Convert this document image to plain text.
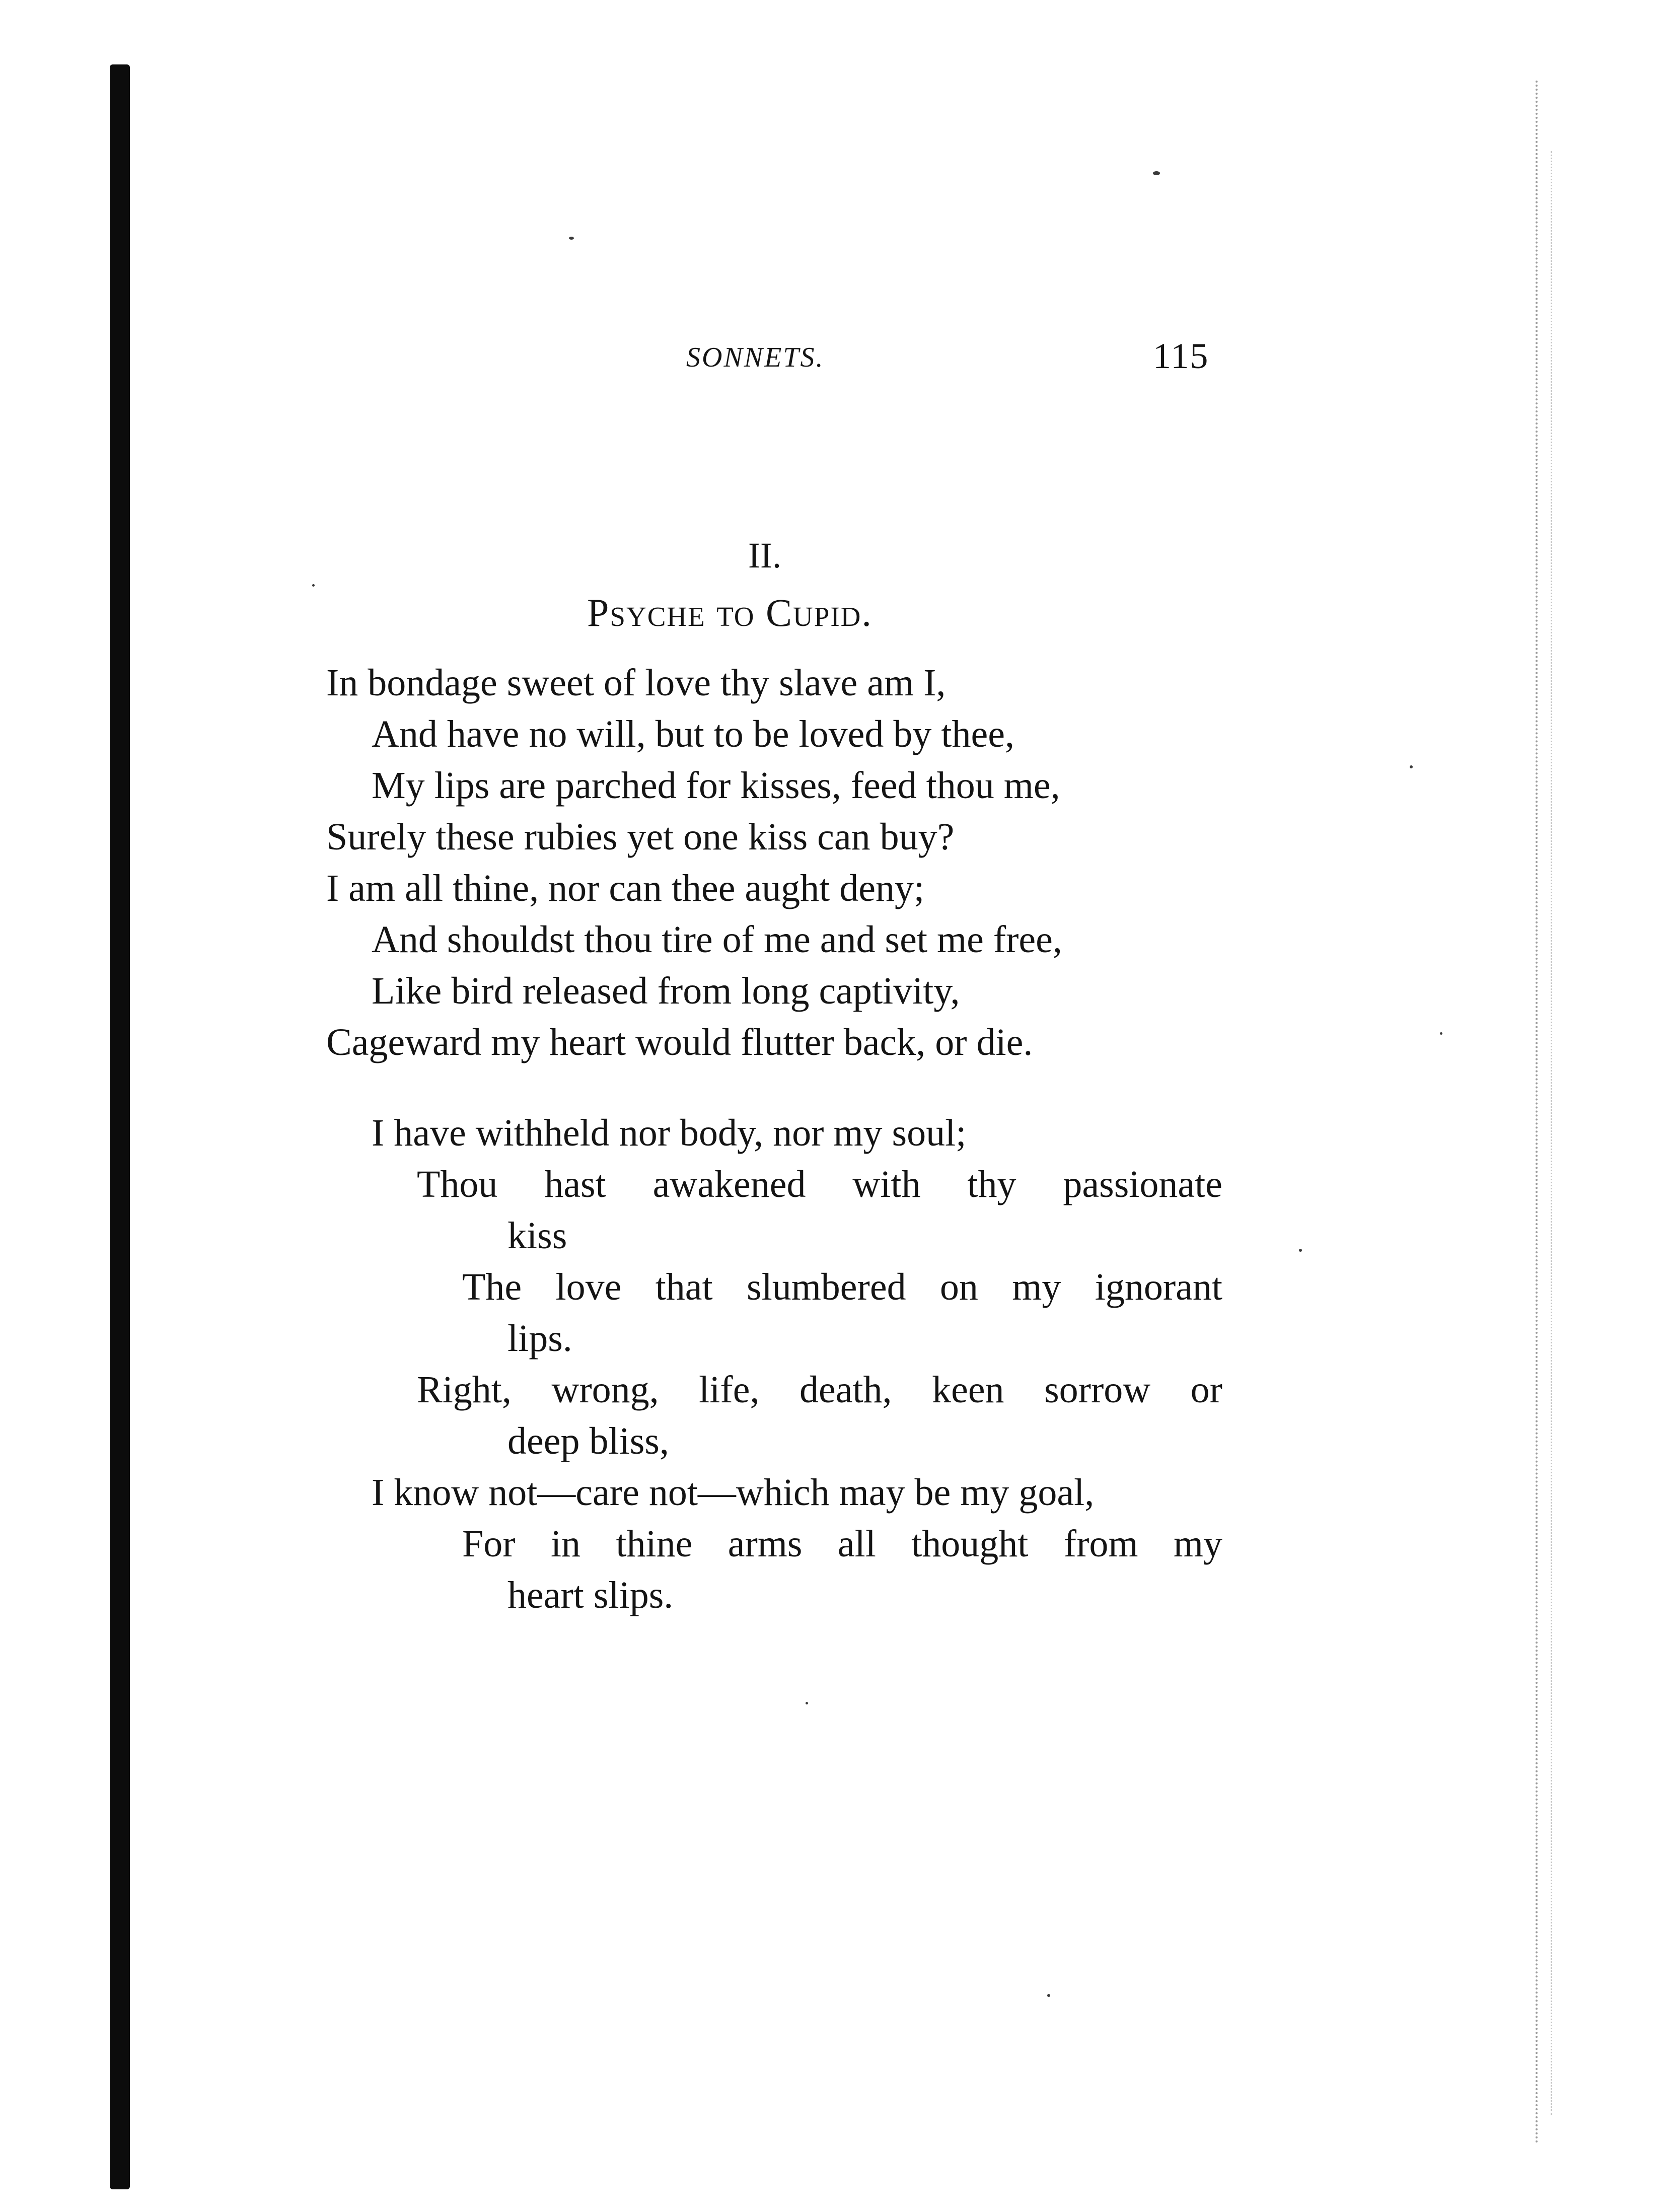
SONNETS.	115

II.
Psyche to Cupid.
In bondage sweet of love thy slave am I,
And have no will, but to be loved by thee,
My lips are parched for kisses, feed thou me,
Surely these rubies yet one kiss can buy?
I am all thine, nor can thee aught deny;
And shouldst thou tire of me and set me free,
Like bird released from long captivity,
Cageward my heart would flutter back, or die.
I have withheld nor body, nor my soul;
Thou hast awakened with thy passionate
kiss
The love that slumbered on my ignorant
lips.
Right, wrong, life, death, keen sorrow or
deep bliss,
I know not—care not—which may be my goal,
For in thine arms all thought from my
heart slips.
